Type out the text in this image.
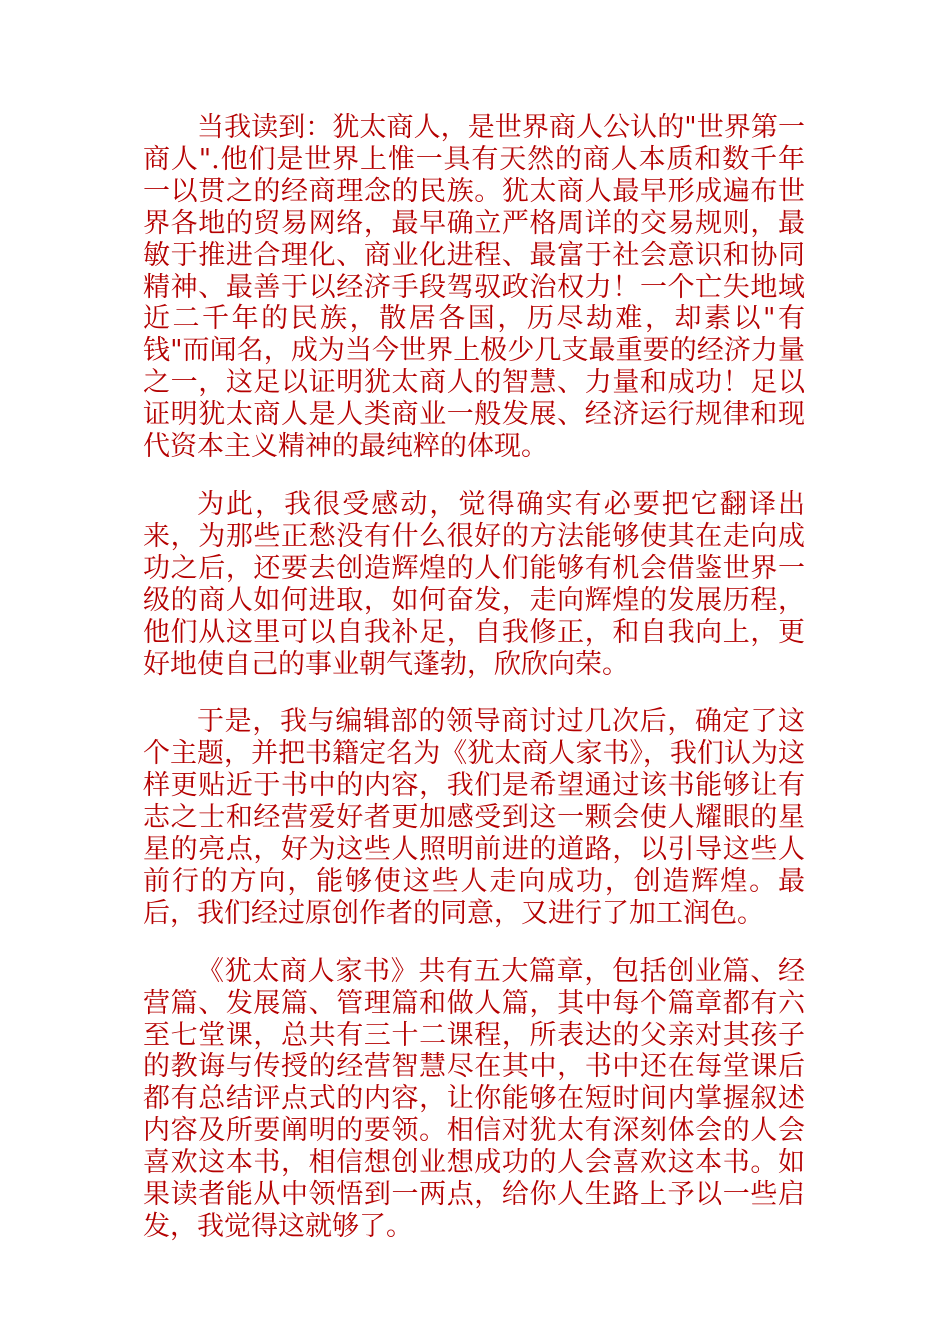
当我读到：犹太商人，是世界商人公认的"世界第一商人".他们是世界上惟一具有天然的商人本质和数千年一以贯之的经商理念的民族。犹太商人最早形成遍布世界各地的贸易网络，最早确立严格周详的交易规则，最敏于推进合理化、商业化进程、最富于社会意识和协同精神、最善于以经济手段驾驭政治权力！一个亡失地域近二千年的民族，散居各国，历尽劫难，却素以"有钱"而闻名，成为当今世界上极少几支最重要的经济力量之一，这足以证明犹太商人的智慧、力量和成功！足以证明犹太商人是人类商业一般发展、经济运行规律和现代资本主义精神的最纯粹的体现。

为此，我很受感动，觉得确实有必要把它翻译出来，为那些正愁没有什么很好的方法能够使其在走向成功之后，还要去创造辉煌的人们能够有机会借鉴世界一级的商人如何进取，如何奋发，走向辉煌的发展历程，他们从这里可以自我补足，自我修正，和自我向上，更好地使自己的事业朝气蓬勃，欣欣向荣。

于是，我与编辑部的领导商讨过几次后，确定了这个主题，并把书籍定名为《犹太商人家书》，我们认为这样更贴近于书中的内容，我们是希望通过该书能够让有志之士和经营爱好者更加感受到这一颗会使人耀眼的星星的亮点，好为这些人照明前进的道路，以引导这些人前行的方向，能够使这些人走向成功，创造辉煌。最后，我们经过原创作者的同意，又进行了加工润色。

《犹太商人家书》共有五大篇章，包括创业篇、经营篇、发展篇、管理篇和做人篇，其中每个篇章都有六至七堂课，总共有三十二课程，所表达的父亲对其孩子的教诲与传授的经营智慧尽在其中，书中还在每堂课后都有总结评点式的内容，让你能够在短时间内掌握叙述内容及所要阐明的要领。相信对犹太有深刻体会的人会喜欢这本书，相信想创业想成功的人会喜欢这本书。如果读者能从中领悟到一两点，给你人生路上予以一些启发，我觉得这就够了。
